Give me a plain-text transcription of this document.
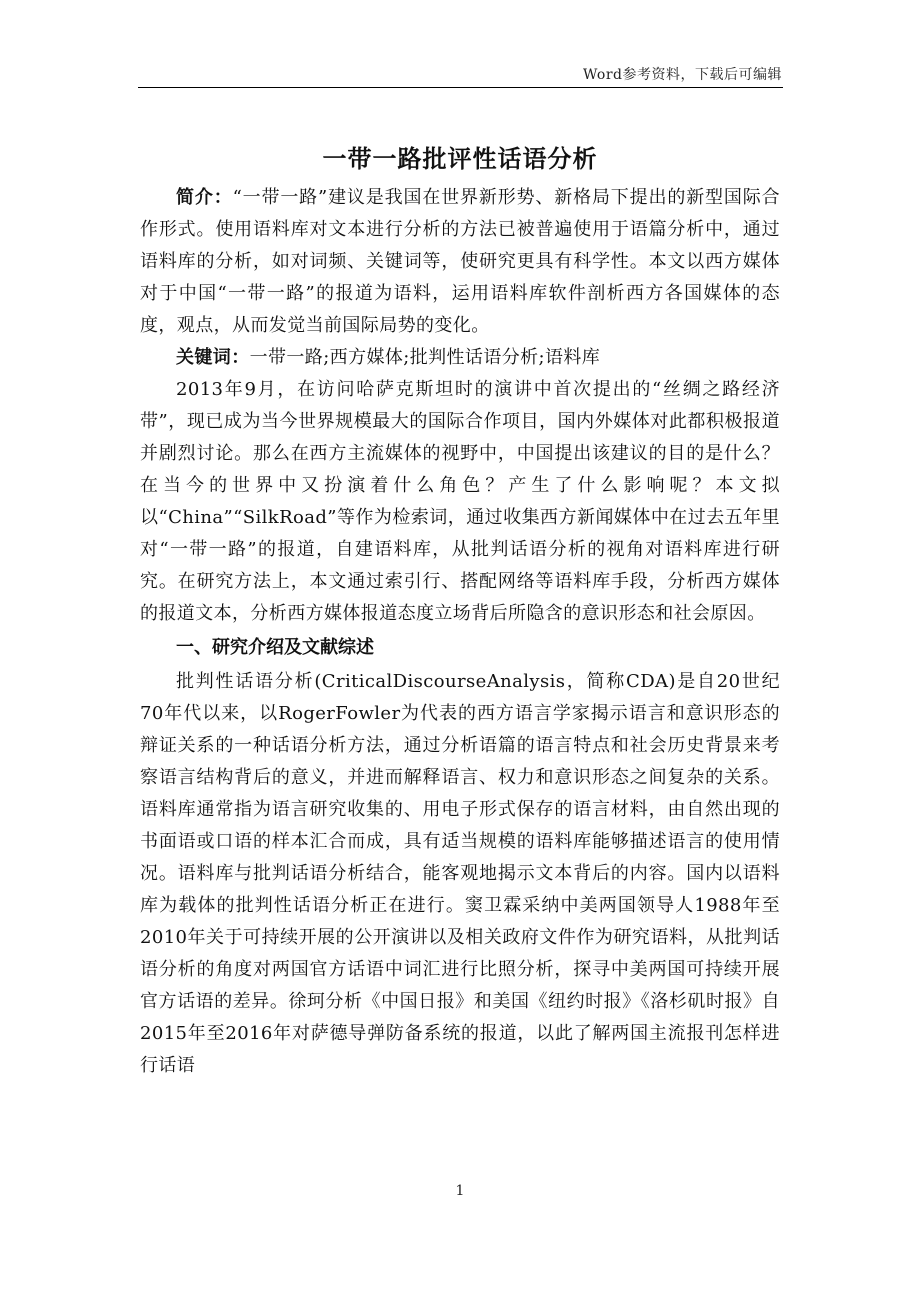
Word参考资料，下载后可编辑
一带一路批评性话语分析

简介：“一带一路”建议是我国在世界新形势、新格局下提出的新型国际合作形式。使用语料库对文本进行分析的方法已被普遍使用于语篇分析中，通过语料库的分析，如对词频、关键词等，使研究更具有科学性。本文以西方媒体对于中国“一带一路”的报道为语料，运用语料库软件剖析西方各国媒体的态度，观点，从而发觉当前国际局势的变化。

关键词：一带一路;西方媒体;批判性话语分析;语料库

2013年9月，在访问哈萨克斯坦时的演讲中首次提出的“丝绸之路经济带”，现已成为当今世界规模最大的国际合作项目，国内外媒体对此都积极报道并剧烈讨论。那么在西方主流媒体的视野中，中国提出该建议的目的是什么？在当今的世界中又扮演着什么角色？产生了什么影响呢？本文拟以“China”“SilkRoad”等作为检索词，通过收集西方新闻媒体中在过去五年里对“一带一路”的报道，自建语料库，从批判话语分析的视角对语料库进行研究。在研究方法上，本文通过索引行、搭配网络等语料库手段，分析西方媒体的报道文本，分析西方媒体报道态度立场背后所隐含的意识形态和社会原因。

一、研究介绍及文献综述

批判性话语分析(CriticalDiscourseAnalysis，简称CDA)是自20世纪70年代以来，以RogerFowler为代表的西方语言学家揭示语言和意识形态的辩证关系的一种话语分析方法，通过分析语篇的语言特点和社会历史背景来考察语言结构背后的意义，并进而解释语言、权力和意识形态之间复杂的关系。语料库通常指为语言研究收集的、用电子形式保存的语言材料，由自然出现的书面语或口语的样本汇合而成，具有适当规模的语料库能够描述语言的使用情况。语料库与批判话语分析结合，能客观地揭示文本背后的内容。国内以语料库为载体的批判性话语分析正在进行。窦卫霖采纳中美两国领导人1988年至2010年关于可持续开展的公开演讲以及相关政府文件作为研究语料，从批判话语分析的角度对两国官方话语中词汇进行比照分析，探寻中美两国可持续开展官方话语的差异。徐珂分析《中国日报》和美国《纽约时报》《洛杉矶时报》自2015年至2016年对萨德导弹防备系统的报道，以此了解两国主流报刊怎样进行话语

1
